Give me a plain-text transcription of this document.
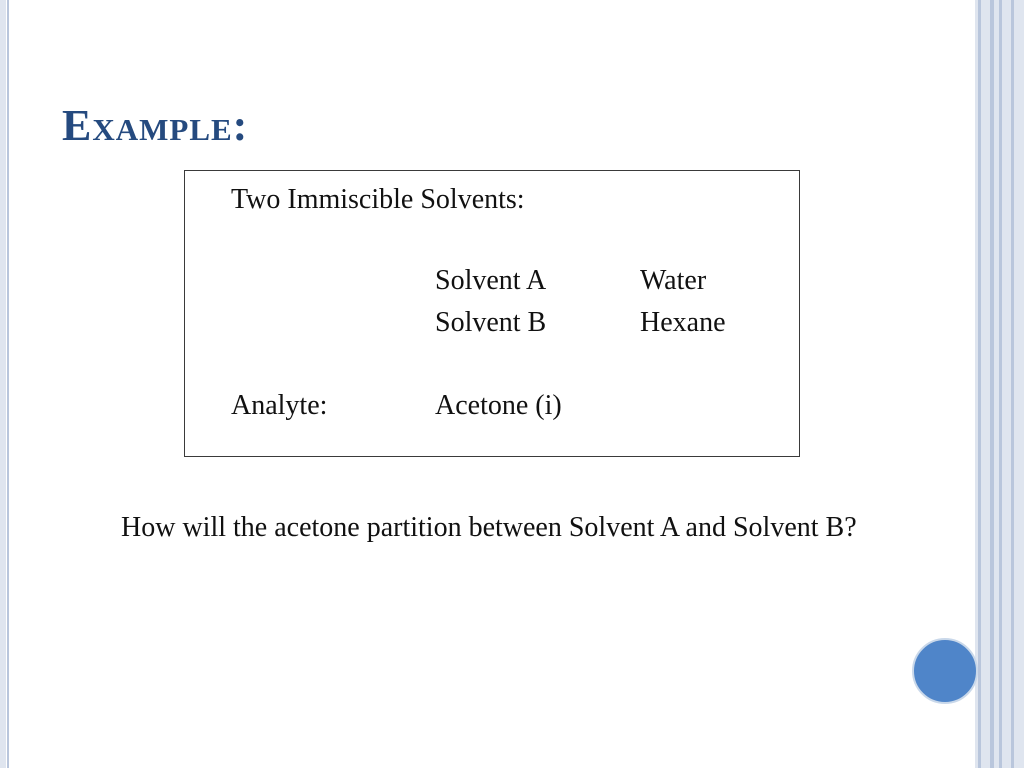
Example:
Two Immiscible Solvents:
Solvent A	Water
Solvent B	Hexane
Analyte:	Acetone (i)
How will the acetone partition between Solvent A and Solvent B?
